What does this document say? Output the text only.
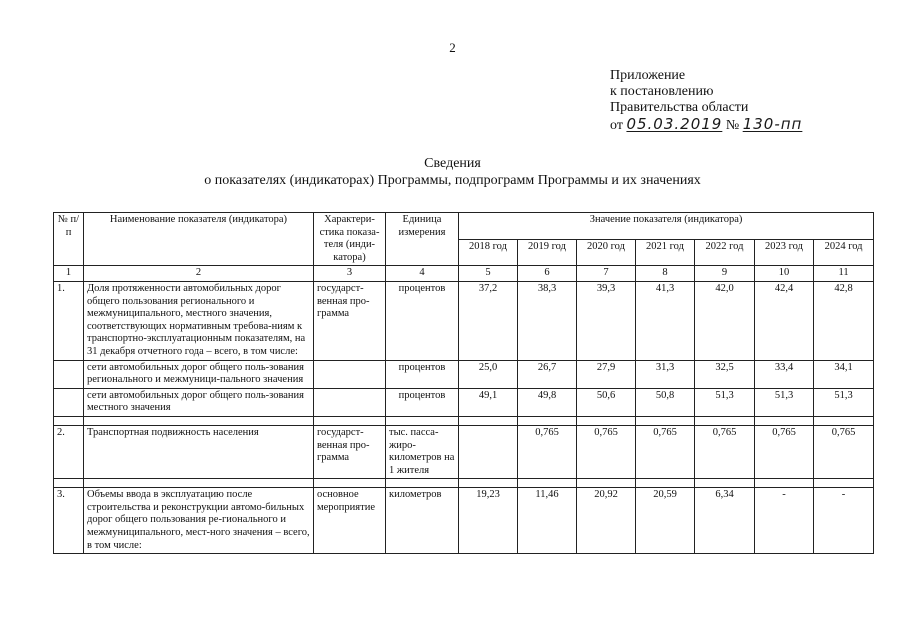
2
Приложение
к постановлению
Правительства области
от 05.03.2019 № 130-пп
Сведения
о показателях (индикаторах) Программы, подпрограмм Программы и их значениях
№ п/п	Наименование показателя (индикатора)	Характери-стика показа-теля (инди-катора)	Единица измерения	Значение показателя (индикатора)						
				2018 год	2019 год	2020 год	2021 год	2022 год	2023 год	2024 год
1	2	3	4	5	6	7	8	9	10	11
1.	Доля протяженности автомобильных дорог общего пользования регионального и межмуниципального, местного значения, соответствующих нормативным требова-ниям к транспортно-эксплуатационным показателям, на 31 декабря отчетного года – всего, в том числе:	государст-венная про-грамма	процентов	37,2	38,3	39,3	41,3	42,0	42,4	42,8
	сети автомобильных дорог общего поль-зования регионального и межмуници-пального значения		процентов	25,0	26,7	27,9	31,3	32,5	33,4	34,1
	сети автомобильных дорог общего поль-зования местного значения		процентов	49,1	49,8	50,6	50,8	51,3	51,3	51,3

2.	Транспортная подвижность населения	государст-венная про-грамма	тыс. пасса-жиро-километров на 1 жителя		0,765	0,765	0,765	0,765	0,765	0,765

3.	Объемы ввода в эксплуатацию после строительства и реконструкции автомо-бильных дорог общего пользования ре-гионального и межмуниципального, мест-ного значения – всего, в том числе:	основное мероприятие	километров	19,23	11,46	20,92	20,59	6,34	-	-
